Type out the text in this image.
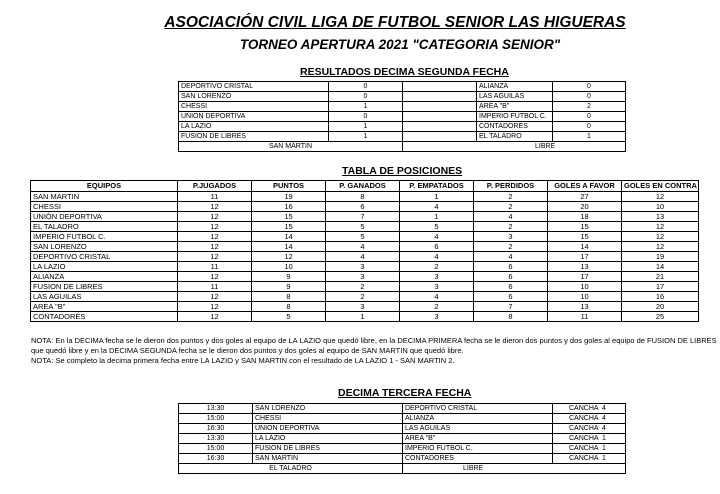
ASOCIACIÓN CIVIL LIGA DE FUTBOL SENIOR LAS HIGUERAS
TORNEO APERTURA 2021 "CATEGORIA SENIOR"
RESULTADOS DECIMA SEGUNDA FECHA
DEPORTIVO CRISTAL	0		ALIANZA	0
SAN LORENZO	0		LAS AGUILAS	0
CHESSI	1		AREA "B"	2
UNION DEPORTIVA	0		IMPERIO FUTBOL C.	0
LA LAZIO	1		CONTADORES	0
FUSION DE LIBRES	1		EL TALADRO	1
SAN MARTIN		LIBRE		
TABLA DE POSICIONES
EQUIPOS	P.JUGADOS	PUNTOS	P. GANADOS	P. EMPATADOS	P. PERDIDOS	GOLES A FAVOR	GOLES EN CONTRA
SAN MARTIN	11	19	8	1	2	27	12
CHESSI	12	16	6	4	2	20	10
UNIÓN DEPORTIVA	12	15	7	1	4	18	13
EL TALADRO	12	15	5	5	2	15	12
IMPERIO FUTBOL C.	12	14	5	4	3	15	12
SAN LORENZO	12	14	4	6	2	14	12
DEPORTIVO CRISTAL	12	12	4	4	4	17	19
LA LAZIO	11	10	3	2	6	13	14
ALIANZA	12	9	3	3	6	17	21
FUSION DE LIBRES	11	9	2	3	6	10	17
LAS AGUILAS	12	8	2	4	6	10	16
AREA "B"	12	8	3	2	7	13	20
CONTADORES	12	5	1	3	8	11	25
NOTA: En la DECIMA fecha se le dieron dos puntos y dos goles al equipo de LA LAZIO que quedó libre, en la DECIMA PRIMERA fecha se le dieron dos puntos y dos goles al equipo de FUSION DE LIBRES
que quedó libre y en la DECIMA SEGUNDA fecha se le dieron dos puntos y dos goles al equipo de SAN MARTIN que quedó libre.
NOTA: Se completo la decima primera fecha entre LA LAZIO y SAN MARTIN con el resultado de LA LAZIO 1 - SAN MARTIN 2.
DECIMA TERCERA FECHA
13:30	SAN LORENZO	DEPORTIVO CRISTAL	CANCHA  4
15:00	CHESSI	ALIANZA	CANCHA  4
16:30	UNION DEPORTIVA	LAS AGUILAS	CANCHA  4
13:30	LA LAZIO	AREA "B"	CANCHA  1
15:00	FUSION DE LIBRES	IMPERIO FUTBOL C.	CANCHA  1
16:30	SAN MARTIN	CONTADORES	CANCHA  1
EL TALADRO		LIBRE	
